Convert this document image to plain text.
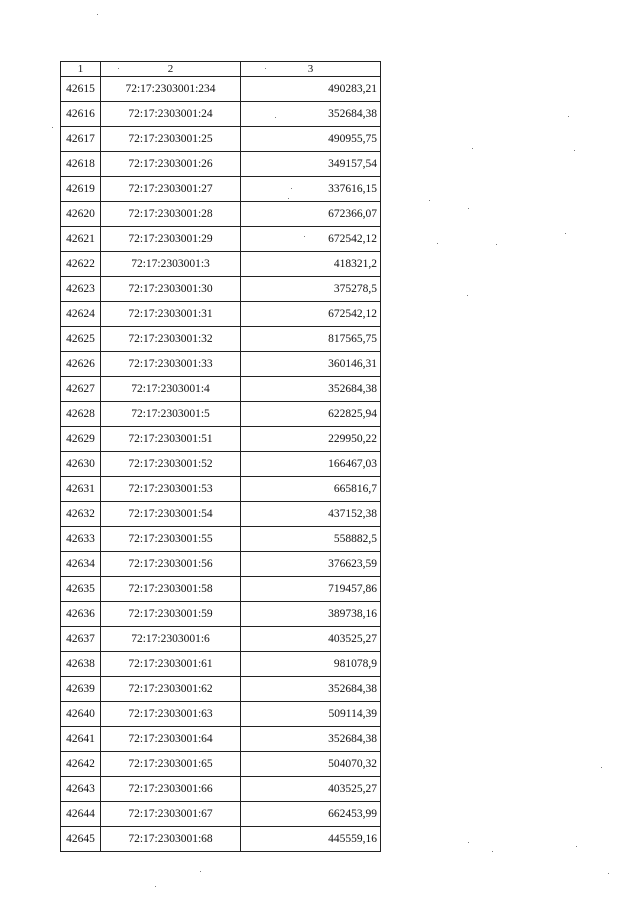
1	2	3
42615	72:17:2303001:234	490283,21
42616	72:17:2303001:24	352684,38
42617	72:17:2303001:25	490955,75
42618	72:17:2303001:26	349157,54
42619	72:17:2303001:27	337616,15
42620	72:17:2303001:28	672366,07
42621	72:17:2303001:29	672542,12
42622	72:17:2303001:3	418321,2
42623	72:17:2303001:30	375278,5
42624	72:17:2303001:31	672542,12
42625	72:17:2303001:32	817565,75
42626	72:17:2303001:33	360146,31
42627	72:17:2303001:4	352684,38
42628	72:17:2303001:5	622825,94
42629	72:17:2303001:51	229950,22
42630	72:17:2303001:52	166467,03
42631	72:17:2303001:53	665816,7
42632	72:17:2303001:54	437152,38
42633	72:17:2303001:55	558882,5
42634	72:17:2303001:56	376623,59
42635	72:17:2303001:58	719457,86
42636	72:17:2303001:59	389738,16
42637	72:17:2303001:6	403525,27
42638	72:17:2303001:61	981078,9
42639	72:17:2303001:62	352684,38
42640	72:17:2303001:63	509114,39
42641	72:17:2303001:64	352684,38
42642	72:17:2303001:65	504070,32
42643	72:17:2303001:66	403525,27
42644	72:17:2303001:67	662453,99
42645	72:17:2303001:68	445559,16
